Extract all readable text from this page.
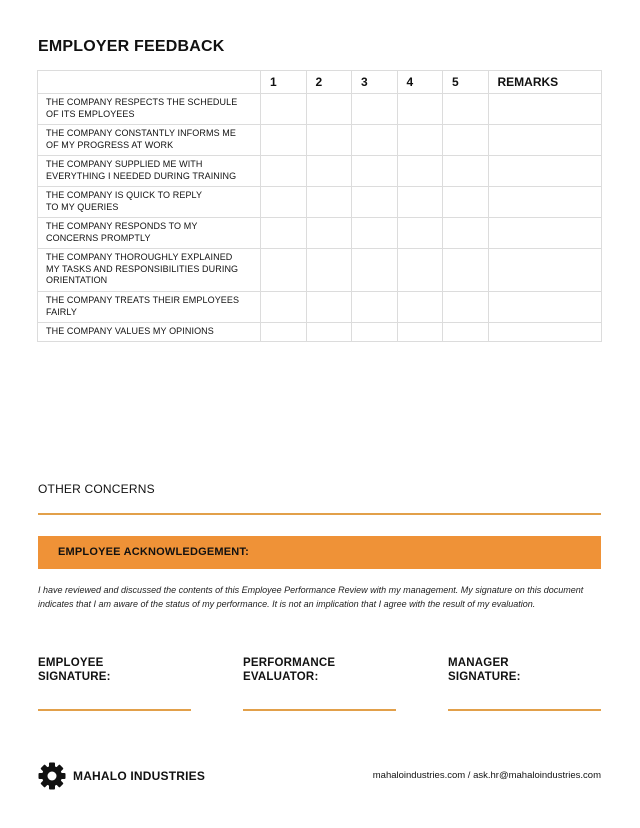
EMPLOYER FEEDBACK
	1	2	3	4	5	REMARKS

THE COMPANY RESPECTS THE SCHEDULE
OF ITS EMPLOYEES						

THE COMPANY CONSTANTLY INFORMS ME
OF MY PROGRESS AT WORK						

THE COMPANY SUPPLIED ME WITH
EVERYTHING I NEEDED DURING TRAINING						

THE COMPANY IS QUICK TO REPLY
TO MY QUERIES						

THE COMPANY RESPONDS TO MY
CONCERNS PROMPTLY						

THE COMPANY THOROUGHLY EXPLAINED
MY TASKS AND RESPONSIBILITIES DURING
ORIENTATION						

THE COMPANY TREATS THEIR EMPLOYEES
FAIRLY						

THE COMPANY VALUES MY OPINIONS						

OTHER CONCERNS
EMPLOYEE ACKNOWLEDGEMENT:
I have reviewed and discussed the contents of this Employee Performance Review with my management. My signature on this document indicates that I am aware of the status of my performance. It is not an implication that I agree with the result of my evaluation.
EMPLOYEE
SIGNATURE:
PERFORMANCE
EVALUATOR:
MANAGER
SIGNATURE:
MAHALO INDUSTRIES	mahaloindustries.com / ask.hr@mahaloindustries.com
